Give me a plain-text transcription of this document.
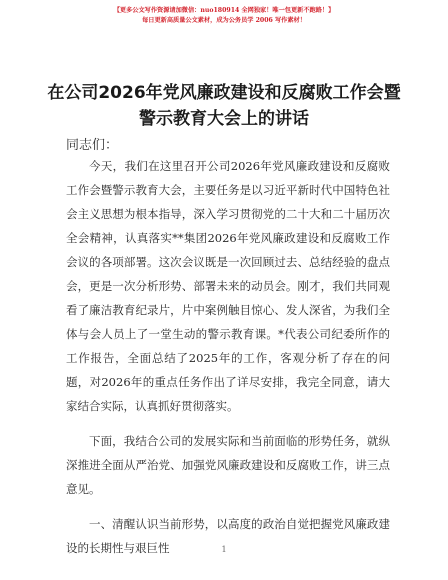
【更多公文写作资源请加微信：nuo180914 全网独家！唯一包更新不跑路！】
每日更新高质量公文素材，成为公务员学 2006 写作素材！
在公司2026年党风廉政建设和反腐败工作会暨
警示教育大会上的讲话
同志们：

今天，我们在这里召开公司2026年党风廉政建设和反腐败工作会暨警示教育大会，主要任务是以习近平新时代中国特色社会主义思想为根本指导，深入学习贯彻党的二十大和二十届历次全会精神，认真落实**集团2026年党风廉政建设和反腐败工作会议的各项部署。这次会议既是一次回顾过去、总结经验的盘点会，更是一次分析形势、部署未来的动员会。刚才，我们共同观看了廉洁教育纪录片，片中案例触目惊心、发人深省，为我们全体与会人员上了一堂生动的警示教育课。*代表公司纪委所作的工作报告，全面总结了2025年的工作，客观分析了存在的问题，对2026年的重点任务作出了详尽安排，我完全同意，请大家结合实际，认真抓好贯彻落实。

下面，我结合公司的发展实际和当前面临的形势任务，就纵深推进全面从严治党、加强党风廉政建设和反腐败工作，讲三点意见。

一、清醒认识当前形势，以高度的政治自觉把握党风廉政建设的长期性与艰巨性	1
